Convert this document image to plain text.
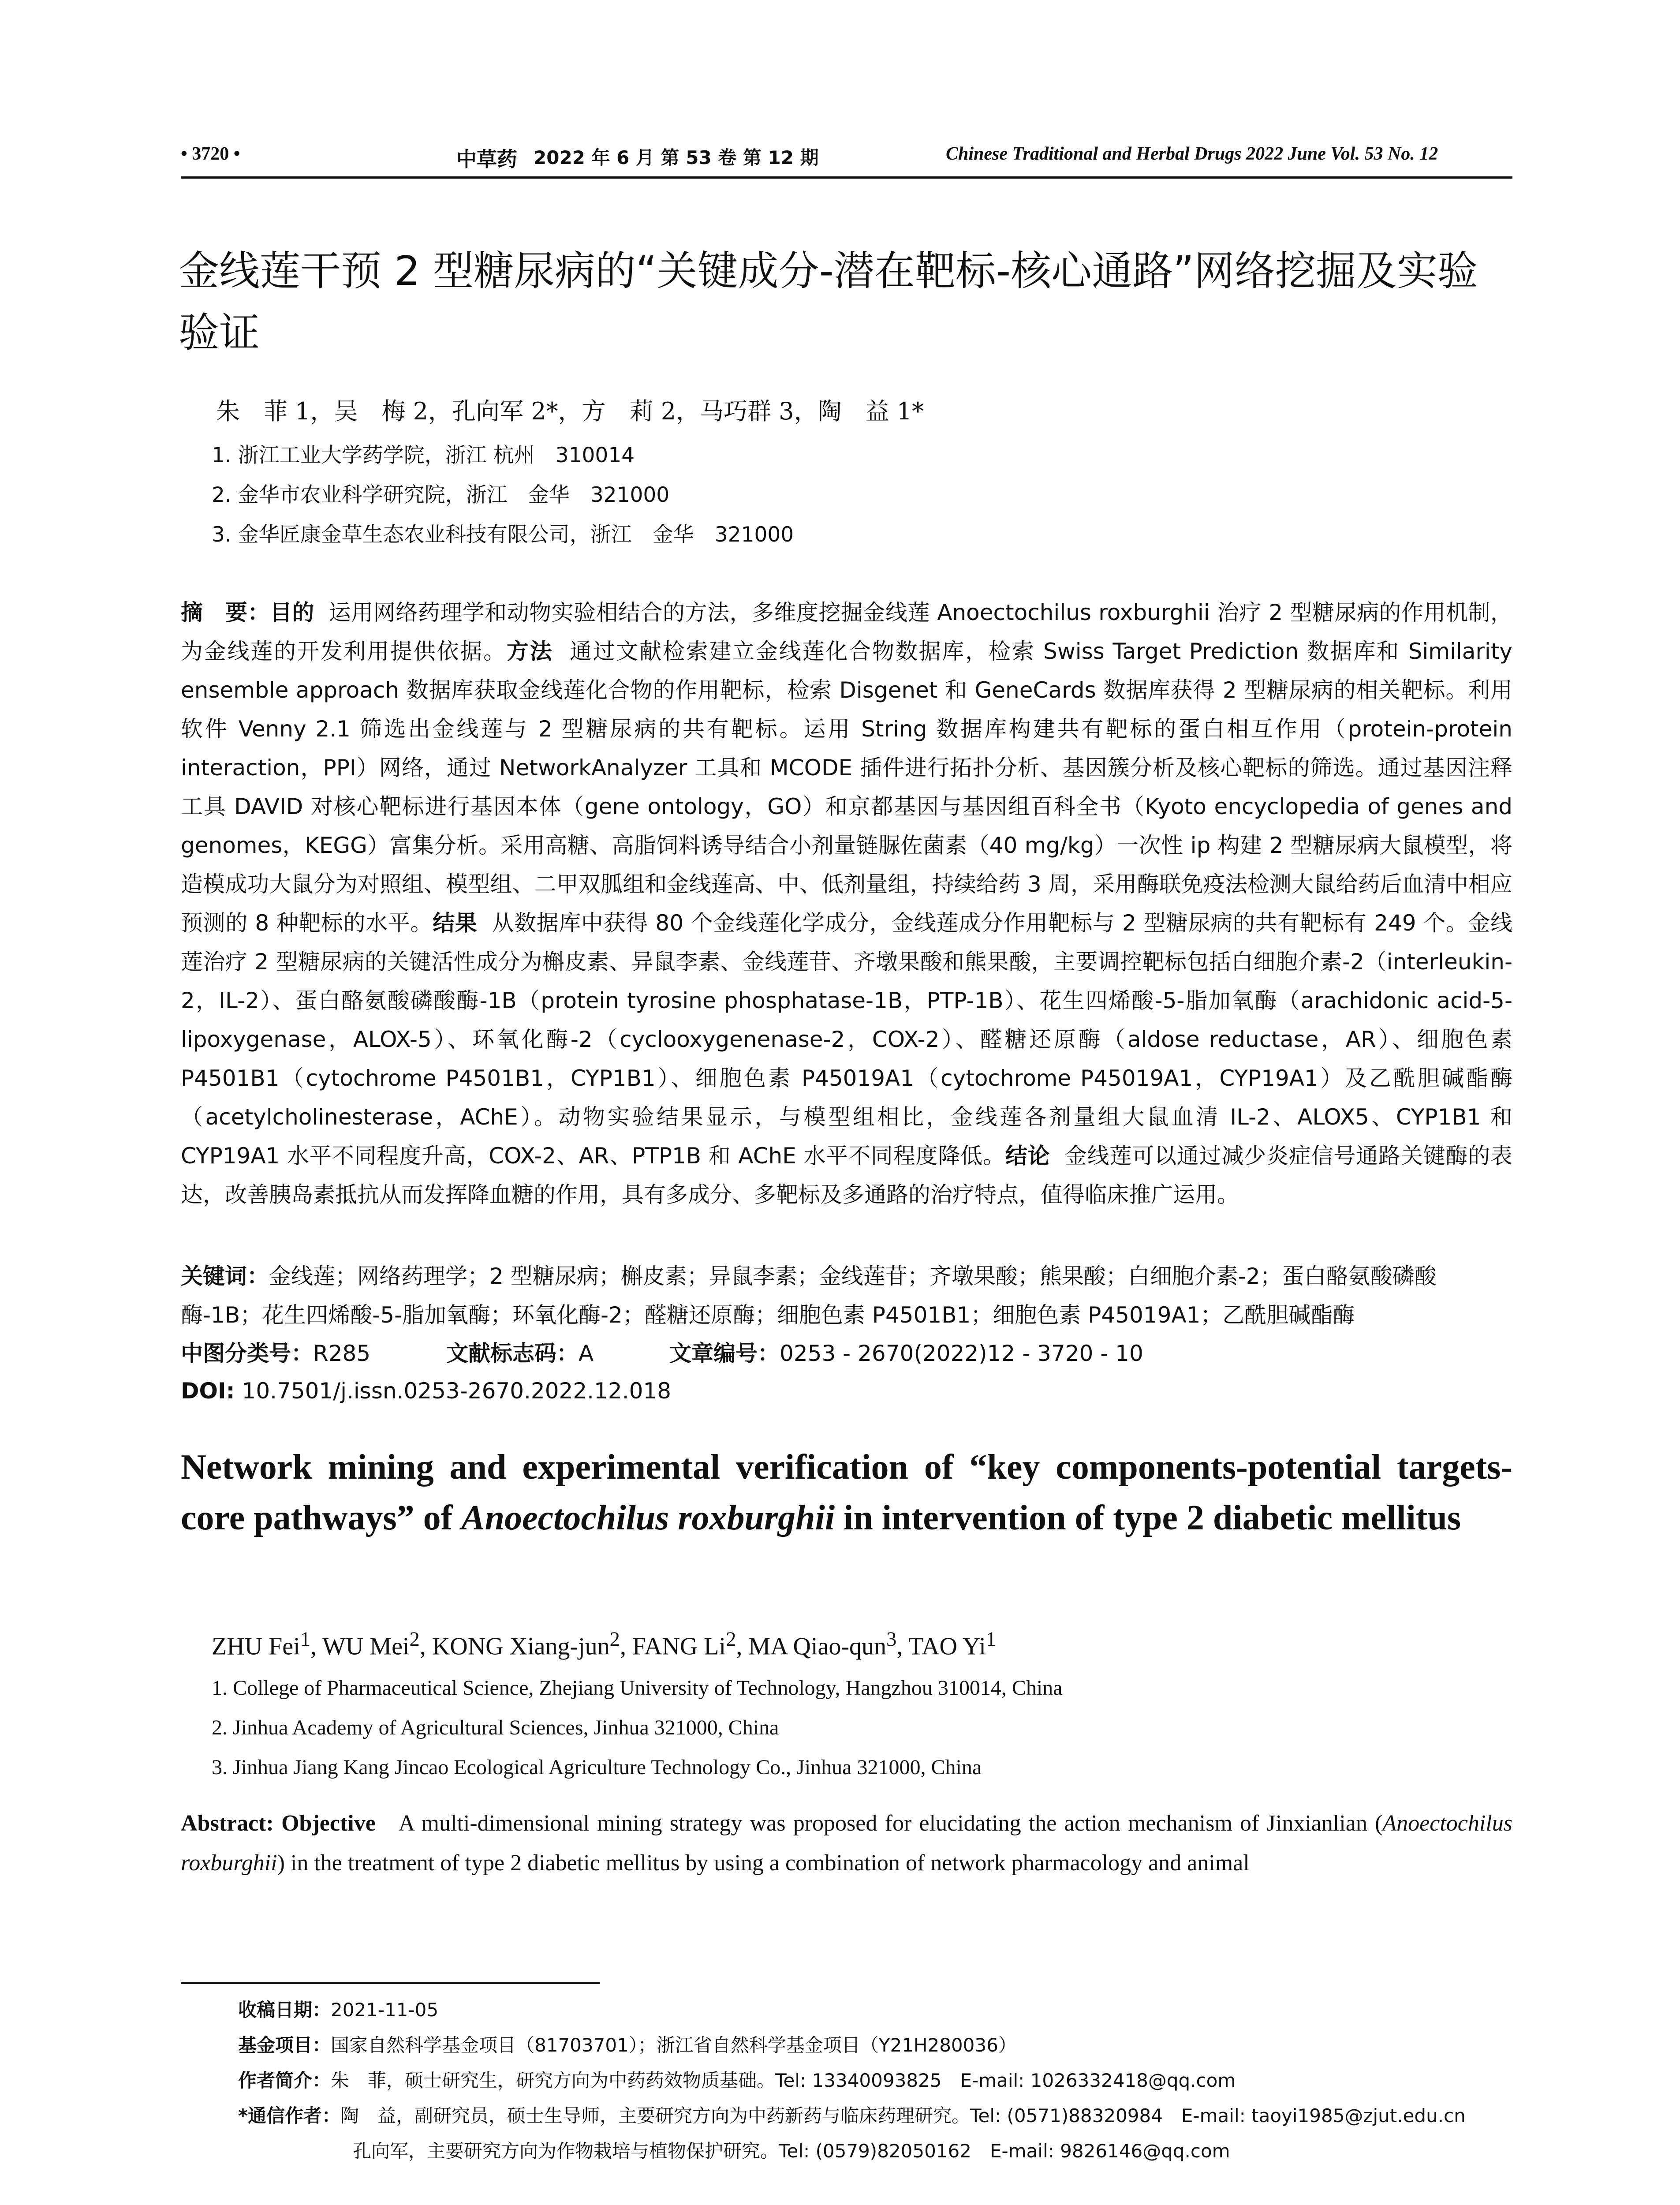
• 3720 •	中草药 2022 年 6 月 第 53 卷 第 12 期	Chinese Traditional and Herbal Drugs 2022 June Vol. 53 No. 12
金线莲干预 2 型糖尿病的“关键成分-潜在靶标-核心通路”网络挖掘及实验验证
朱　菲 1，吴　梅 2，孔向军 2*，方　莉 2，马巧群 3，陶　益 1*
1. 浙江工业大学药学院，浙江 杭州　310014
2. 金华市农业科学研究院，浙江　金华　321000
3. 金华匠康金草生态农业科技有限公司，浙江　金华　321000
摘　要：目的 运用网络药理学和动物实验相结合的方法，多维度挖掘金线莲 Anoectochilus roxburghii 治疗 2 型糖尿病的作用机制，为金线莲的开发利用提供依据。方法 通过文献检索建立金线莲化合物数据库，检索 Swiss Target Prediction 数据库和 Similarity ensemble approach 数据库获取金线莲化合物的作用靶标，检索 Disgenet 和 GeneCards 数据库获得 2 型糖尿病的相关靶标。利用软件 Venny 2.1 筛选出金线莲与 2 型糖尿病的共有靶标。运用 String 数据库构建共有靶标的蛋白相互作用（protein-protein interaction，PPI）网络，通过 NetworkAnalyzer 工具和 MCODE 插件进行拓扑分析、基因簇分析及核心靶标的筛选。通过基因注释工具 DAVID 对核心靶标进行基因本体（gene ontology，GO）和京都基因与基因组百科全书（Kyoto encyclopedia of genes and genomes，KEGG）富集分析。采用高糖、高脂饲料诱导结合小剂量链脲佐菌素（40 mg/kg）一次性 ip 构建 2 型糖尿病大鼠模型，将造模成功大鼠分为对照组、模型组、二甲双胍组和金线莲高、中、低剂量组，持续给药 3 周，采用酶联免疫法检测大鼠给药后血清中相应预测的 8 种靶标的水平。结果 从数据库中获得 80 个金线莲化学成分，金线莲成分作用靶标与 2 型糖尿病的共有靶标有 249 个。金线莲治疗 2 型糖尿病的关键活性成分为槲皮素、异鼠李素、金线莲苷、齐墩果酸和熊果酸，主要调控靶标包括白细胞介素-2（interleukin-2，IL-2）、蛋白酪氨酸磷酸酶-1B（protein tyrosine phosphatase-1B，PTP-1B）、花生四烯酸-5-脂加氧酶（arachidonic acid-5-lipoxygenase，ALOX-5）、环氧化酶-2（cyclooxygenenase-2，COX-2）、醛糖还原酶（aldose reductase，AR）、细胞色素 P4501B1（cytochrome P4501B1，CYP1B1）、细胞色素 P45019A1（cytochrome P45019A1，CYP19A1）及乙酰胆碱酯酶（acetylcholinesterase，AChE）。动物实验结果显示，与模型组相比，金线莲各剂量组大鼠血清 IL-2、ALOX5、CYP1B1 和 CYP19A1 水平不同程度升高，COX-2、AR、PTP1B 和 AChE 水平不同程度降低。结论 金线莲可以通过减少炎症信号通路关键酶的表达，改善胰岛素抵抗从而发挥降血糖的作用，具有多成分、多靶标及多通路的治疗特点，值得临床推广运用。
关键词：金线莲；网络药理学；2 型糖尿病；槲皮素；异鼠李素；金线莲苷；齐墩果酸；熊果酸；白细胞介素-2；蛋白酪氨酸磷酸酶-1B；花生四烯酸-5-脂加氧酶；环氧化酶-2；醛糖还原酶；细胞色素 P4501B1；细胞色素 P45019A1；乙酰胆碱酯酶
中图分类号：R285	文献标志码：A	文章编号：0253 - 2670(2022)12 - 3720 - 10
DOI: 10.7501/j.issn.0253-2670.2022.12.018
Network mining and experimental verification of “key components-potential targets-core pathways” of Anoectochilus roxburghii in intervention of type 2 diabetic mellitus
ZHU Fei$^1$, WU Mei$^2$, KONG Xiang-jun$^2$, FANG Li$^2$, MA Qiao-qun$^3$, TAO Yi$^1$
1. College of Pharmaceutical Science, Zhejiang University of Technology, Hangzhou 310014, China
2. Jinhua Academy of Agricultural Sciences, Jinhua 321000, China
3. Jinhua Jiang Kang Jincao Ecological Agriculture Technology Co., Jinhua 321000, China
Abstract: Objective A multi-dimensional mining strategy was proposed for elucidating the action mechanism of Jinxianlian (Anoectochilus roxburghii) in the treatment of type 2 diabetic mellitus by using a combination of network pharmacology and animal
收稿日期：2021-11-05
基金项目：国家自然科学基金项目（81703701）；浙江省自然科学基金项目（Y21H280036）
作者简介：朱　菲，硕士研究生，研究方向为中药药效物质基础。Tel: 13340093825　E-mail: 1026332418@qq.com
*通信作者：陶　益，副研究员，硕士生导师，主要研究方向为中药新药与临床药理研究。Tel: (0571)88320984　E-mail: taoyi1985@zjut.edu.cn
孔向军，主要研究方向为作物栽培与植物保护研究。Tel: (0579)82050162　E-mail: 9826146@qq.com
